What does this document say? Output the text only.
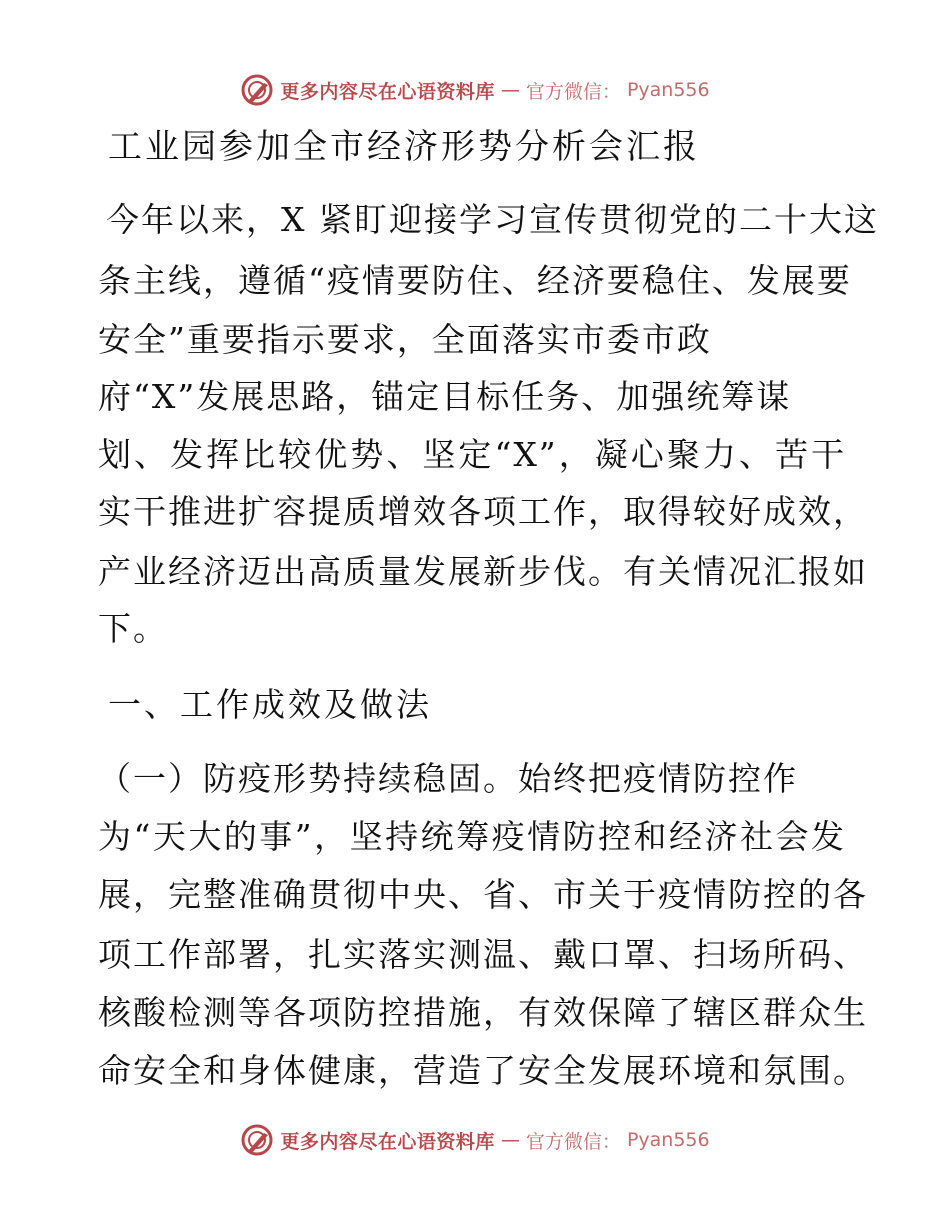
更多内容尽在心语资料库 — 官方微信： Pyan556
工业园参加全市经济形势分析会汇报
今年以来，X 紧盯迎接学习宣传贯彻党的二十大这
条主线，遵循“疫情要防住、经济要稳住、发展要
安全”重要指示要求，全面落实市委市政
府“X”发展思路，锚定目标任务、加强统筹谋
划、发挥比较优势、坚定“X”，凝心聚力、苦干
实干推进扩容提质增效各项工作，取得较好成效，
产业经济迈出高质量发展新步伐。有关情况汇报如
下。
一、工作成效及做法
（一）防疫形势持续稳固。始终把疫情防控作
为“天大的事”，坚持统筹疫情防控和经济社会发
展，完整准确贯彻中央、省、市关于疫情防控的各
项工作部署，扎实落实测温、戴口罩、扫场所码、
核酸检测等各项防控措施，有效保障了辖区群众生
命安全和身体健康，营造了安全发展环境和氛围。
更多内容尽在心语资料库 — 官方微信： Pyan556
